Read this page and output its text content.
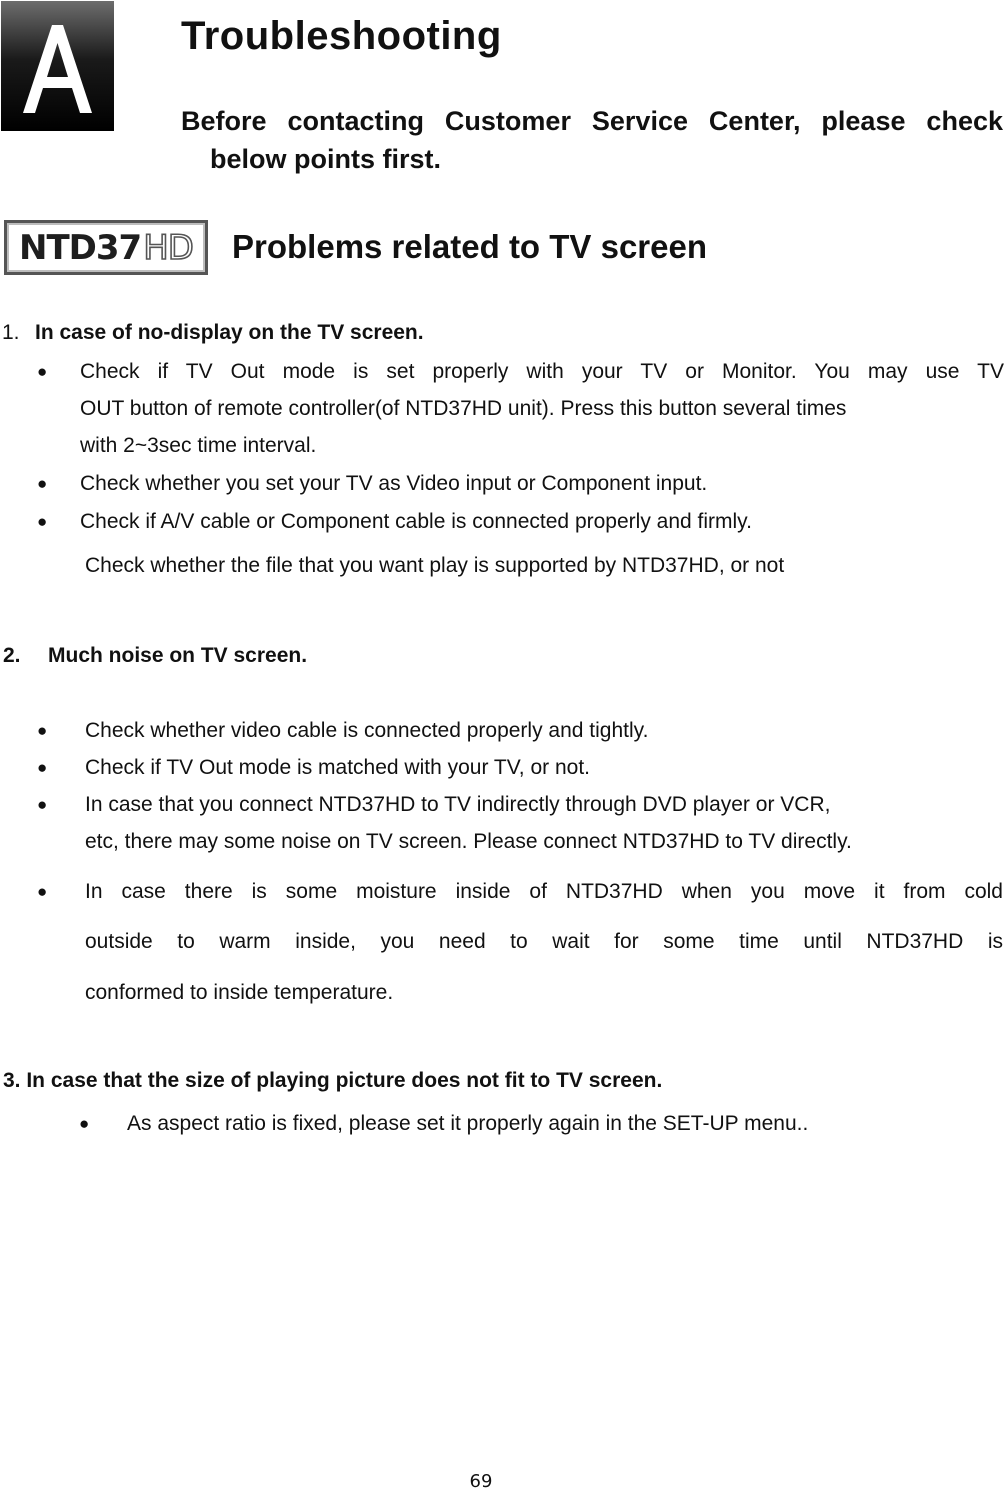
Troubleshooting
Before contacting Customer Service Center, please check
below points first.
NTD37 HD Problems related to TV screen
1. In case of no-display on the TV screen.
● Check if TV Out mode is set properly with your TV or Monitor. You may use TV
OUT button of remote controller(of NTD37HD unit). Press this button several times
with 2~3sec time interval.
● Check whether you set your TV as Video input or Component input.
● Check if A/V cable or Component cable is connected properly and firmly.
Check whether the file that you want play is supported by NTD37HD, or not
2. Much noise on TV screen.
● Check whether video cable is connected properly and tightly.
● Check if TV Out mode is matched with your TV, or not.
● In case that you connect NTD37HD to TV indirectly through DVD player or VCR,
etc, there may some noise on TV screen. Please connect NTD37HD to TV directly.
● In case there is some moisture inside of NTD37HD when you move it from cold
outside to warm inside, you need to wait for some time until NTD37HD is
conformed to inside temperature.
3. In case that the size of playing picture does not fit to TV screen.
● As aspect ratio is fixed, please set it properly again in the SET-UP menu..
69
